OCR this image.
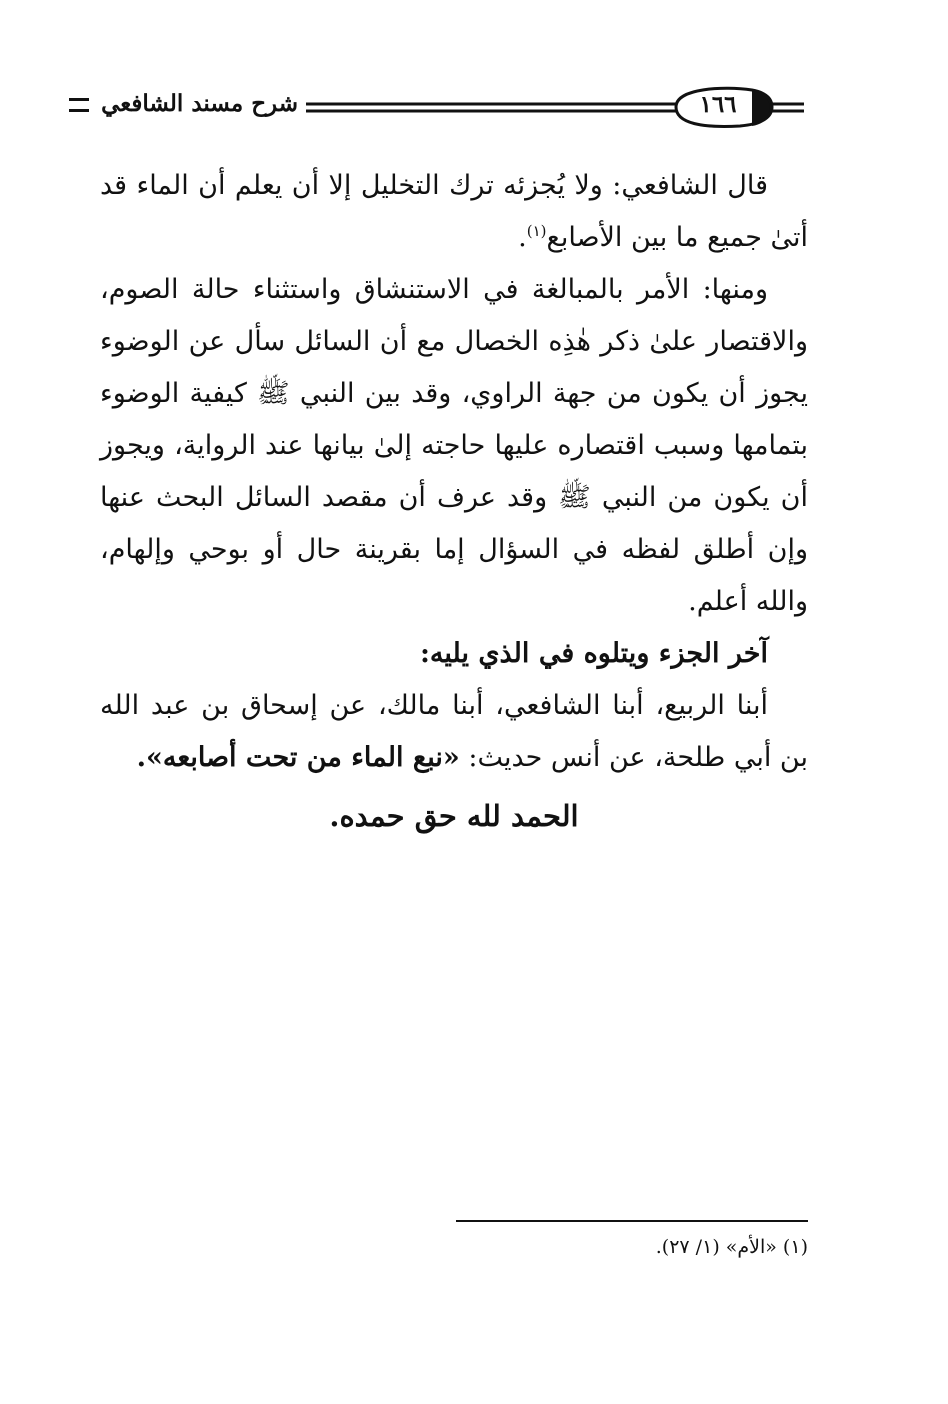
١٦٦
شرح مسند الشافعي

قال الشافعي: ولا يُجزئه ترك التخليل إلا أن يعلم أن الماء قد أتىٰ جميع ما بين الأصابع$^{(١)}$.

ومنها: الأمر بالمبالغة في الاستنشاق واستثناء حالة الصوم، والاقتصار علىٰ ذكر هٰذِه الخصال مع أن السائل سأل عن الوضوء يجوز أن يكون من جهة الراوي، وقد بين النبي ﷺ كيفية الوضوء بتمامها وسبب اقتصاره عليها حاجته إلىٰ بيانها عند الرواية، ويجوز أن يكون من النبي ﷺ وقد عرف أن مقصد السائل البحث عنها وإن أطلق لفظه في السؤال إما بقرينة حال أو بوحي وإلهام، والله أعلم.

آخر الجزء ويتلوه في الذي يليه:

أبنا الربيع، أبنا الشافعي، أبنا مالك، عن إسحاق بن عبد الله بن أبي طلحة، عن أنس حديث: «نبع الماء من تحت أصابعه».

الحمد لله حق حمده.

(١) «الأم» (١/ ٢٧).
